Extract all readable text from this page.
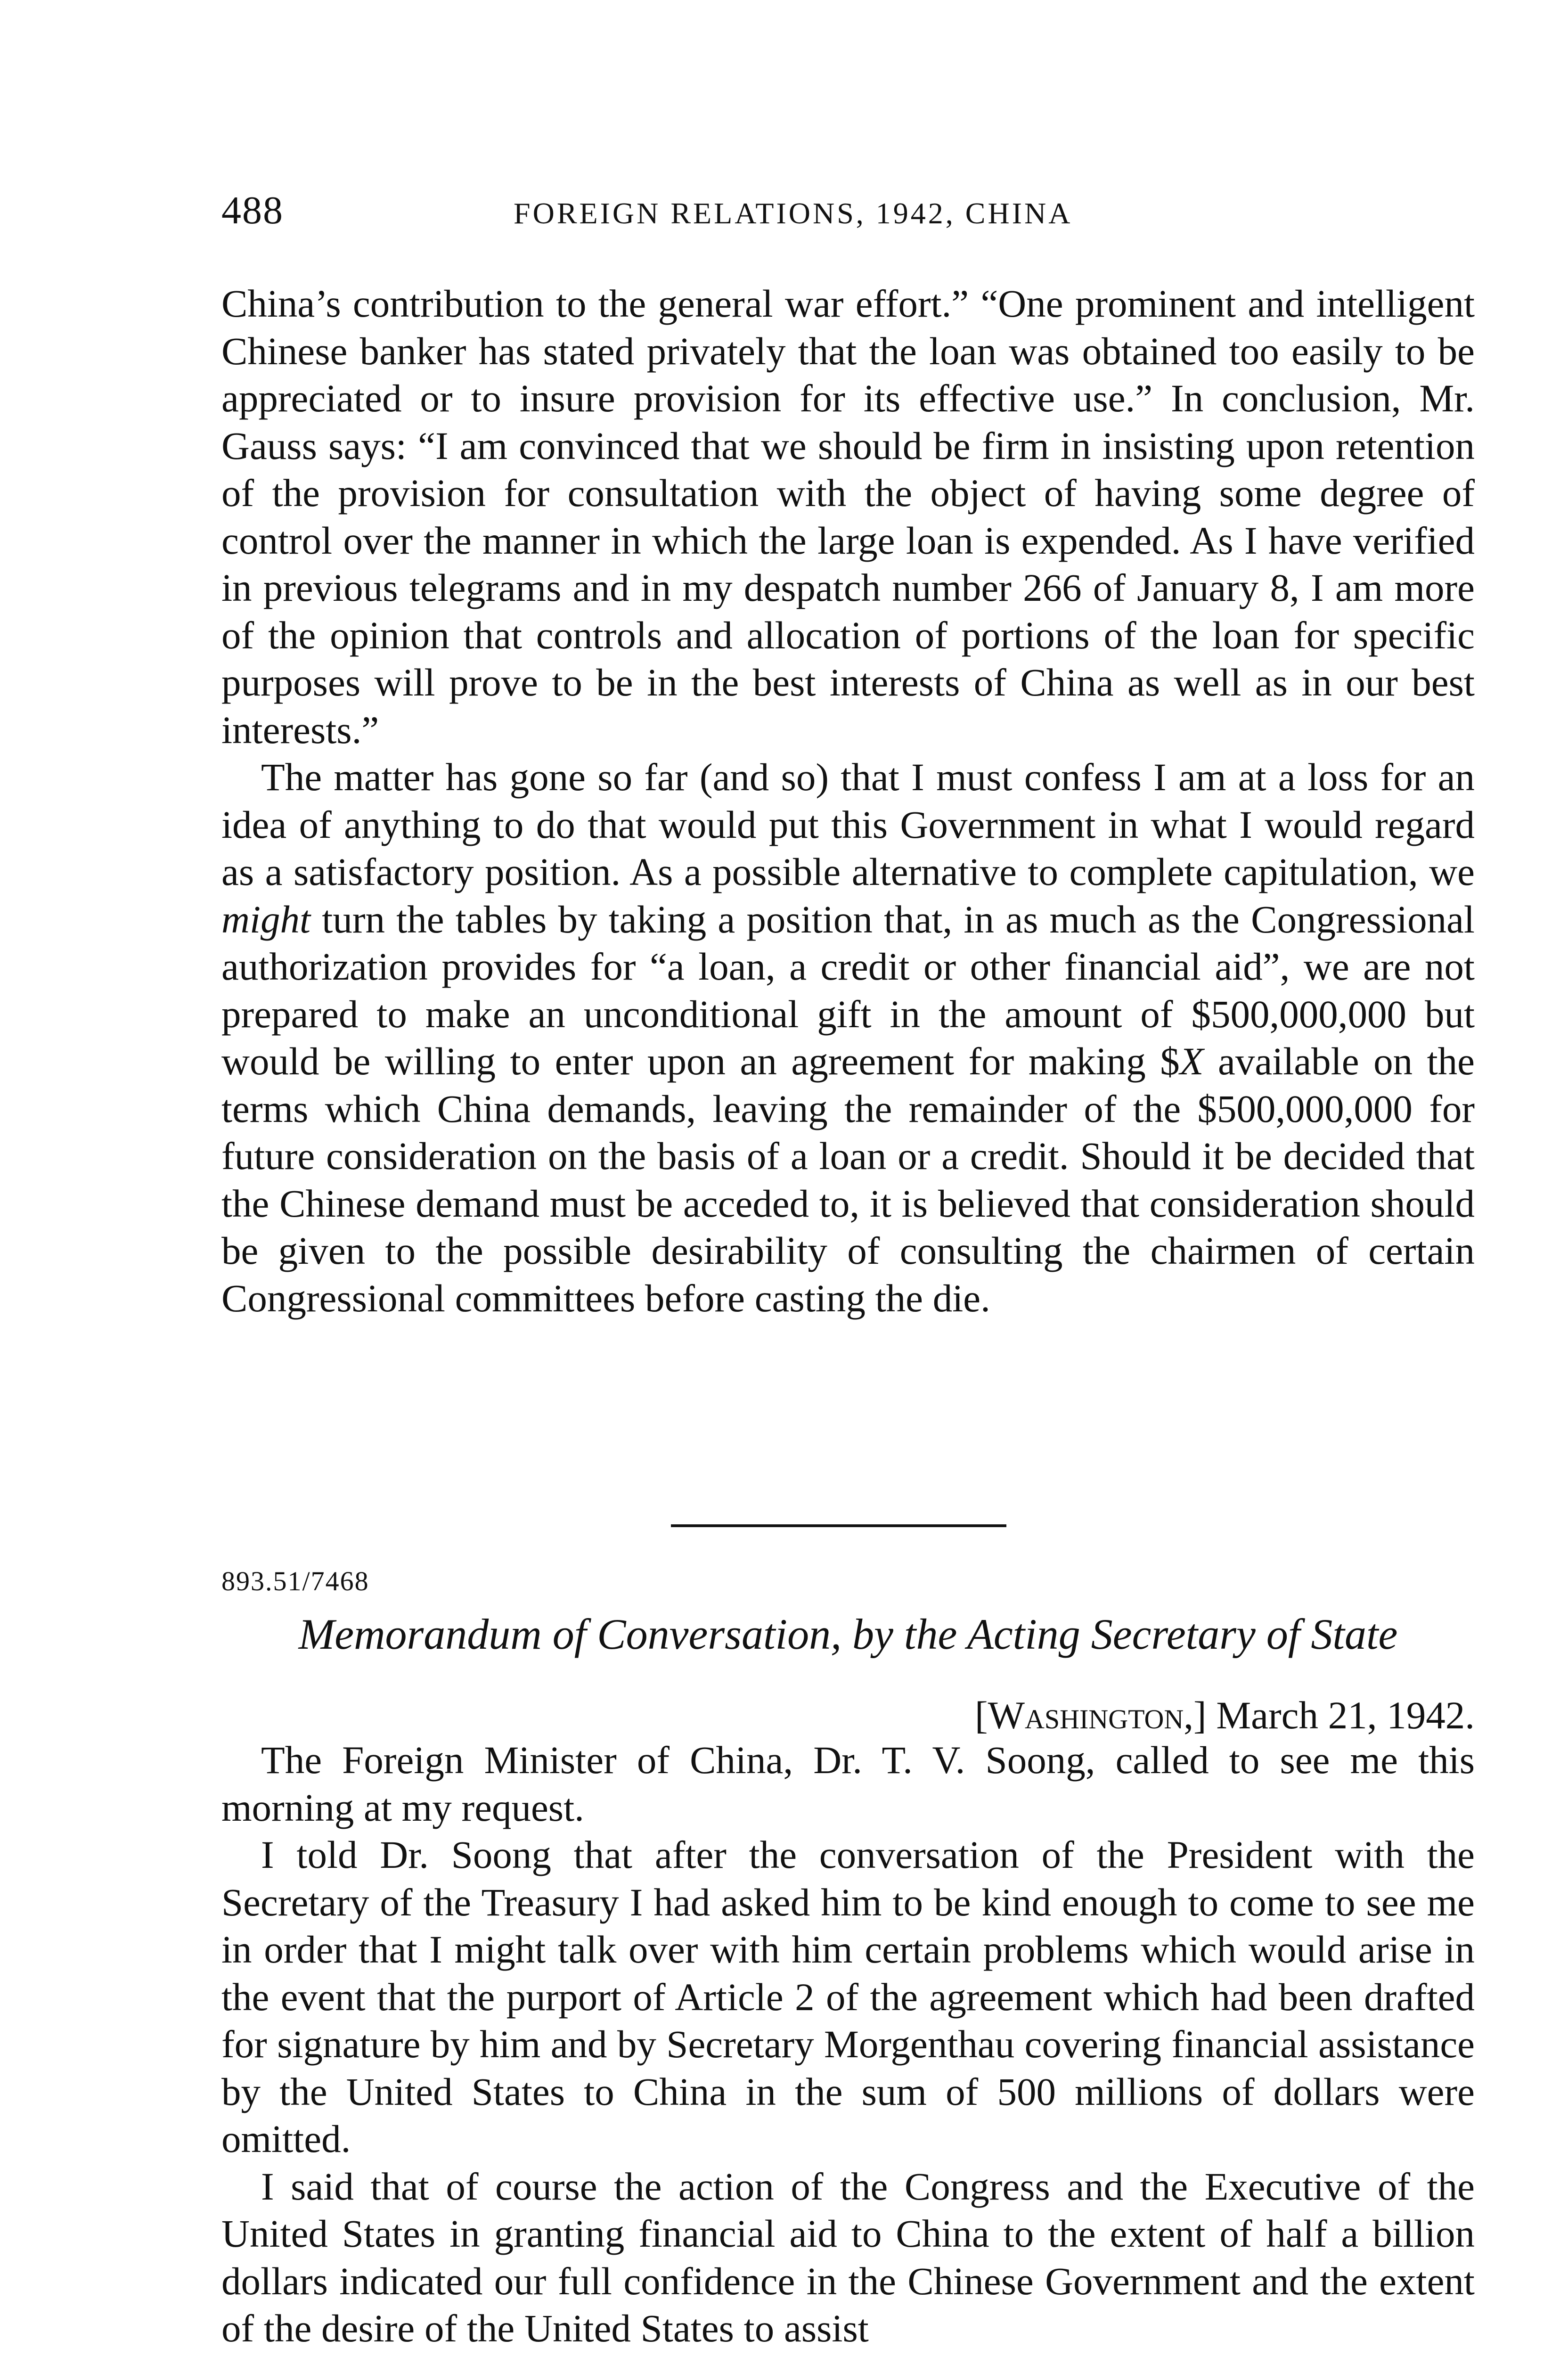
488	FOREIGN RELATIONS, 1942, CHINA

China’s contribution to the general war effort.” “One prominent and intelligent Chinese banker has stated privately that the loan was obtained too easily to be appreciated or to insure provision for its effective use.” In conclusion, Mr. Gauss says: “I am convinced that we should be firm in insisting upon retention of the provision for consultation with the object of having some degree of control over the manner in which the large loan is expended. As I have verified in previous telegrams and in my despatch number 266 of January 8, I am more of the opinion that controls and allocation of portions of the loan for specific purposes will prove to be in the best interests of China as well as in our best interests.”

The matter has gone so far (and so) that I must confess I am at a loss for an idea of anything to do that would put this Government in what I would regard as a satisfactory position. As a possible alternative to complete capitulation, we might turn the tables by taking a position that, in as much as the Congressional authorization provides for “a loan, a credit or other financial aid”, we are not prepared to make an unconditional gift in the amount of $500,000,000 but would be willing to enter upon an agreement for making $X available on the terms which China demands, leaving the remainder of the $500,000,000 for future consideration on the basis of a loan or a credit. Should it be decided that the Chinese demand must be acceded to, it is believed that consideration should be given to the possible desirability of consulting the chairmen of certain Congressional committees before casting the die.

893.51/7468
Memorandum of Conversation, by the Acting Secretary of State
[Washington,] March 21, 1942.

The Foreign Minister of China, Dr. T. V. Soong, called to see me this morning at my request.

I told Dr. Soong that after the conversation of the President with the Secretary of the Treasury I had asked him to be kind enough to come to see me in order that I might talk over with him certain problems which would arise in the event that the purport of Article 2 of the agreement which had been drafted for signature by him and by Secretary Morgenthau covering financial assistance by the United States to China in the sum of 500 millions of dollars were omitted.

I said that of course the action of the Congress and the Executive of the United States in granting financial aid to China to the extent of half a billion dollars indicated our full confidence in the Chinese Government and the extent of the desire of the United States to assist
